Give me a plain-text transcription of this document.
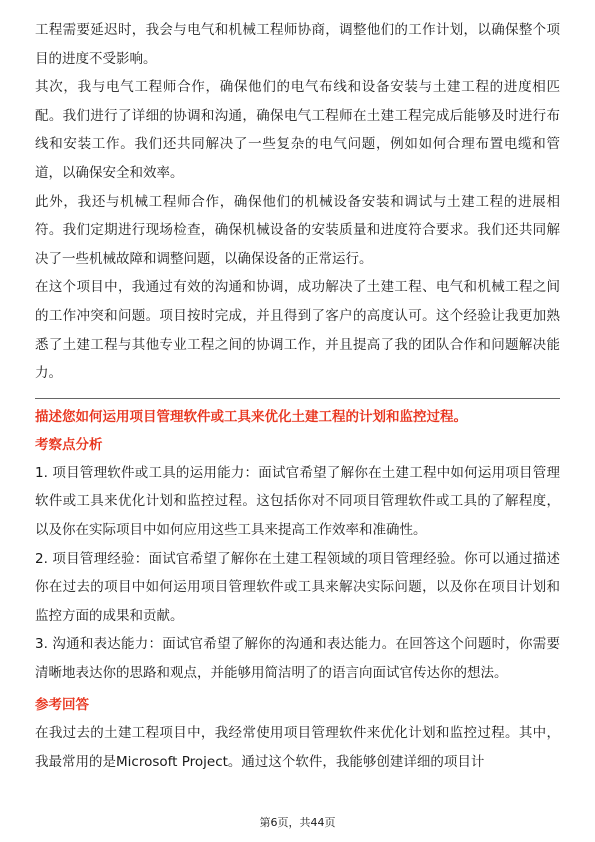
工程需要延迟时，我会与电气和机械工程师协商，调整他们的工作计划，以确保整个项目的进度不受影响。

其次，我与电气工程师合作，确保他们的电气布线和设备安装与土建工程的进度相匹配。我们进行了详细的协调和沟通，确保电气工程师在土建工程完成后能够及时进行布线和安装工作。我们还共同解决了一些复杂的电气问题，例如如何合理布置电缆和管道，以确保安全和效率。

此外，我还与机械工程师合作，确保他们的机械设备安装和调试与土建工程的进展相符。我们定期进行现场检查，确保机械设备的安装质量和进度符合要求。我们还共同解决了一些机械故障和调整问题，以确保设备的正常运行。

在这个项目中，我通过有效的沟通和协调，成功解决了土建工程、电气和机械工程之间的工作冲突和问题。项目按时完成，并且得到了客户的高度认可。这个经验让我更加熟悉了土建工程与其他专业工程之间的协调工作，并且提高了我的团队合作和问题解决能力。

描述您如何运用项目管理软件或工具来优化土建工程的计划和监控过程。

考察点分析

1. 项目管理软件或工具的运用能力：面试官希望了解你在土建工程中如何运用项目管理软件或工具来优化计划和监控过程。这包括你对不同项目管理软件或工具的了解程度，以及你在实际项目中如何应用这些工具来提高工作效率和准确性。

2. 项目管理经验：面试官希望了解你在土建工程领域的项目管理经验。你可以通过描述你在过去的项目中如何运用项目管理软件或工具来解决实际问题，以及你在项目计划和监控方面的成果和贡献。

3. 沟通和表达能力：面试官希望了解你的沟通和表达能力。在回答这个问题时，你需要清晰地表达你的思路和观点，并能够用简洁明了的语言向面试官传达你的想法。

参考回答

在我过去的土建工程项目中，我经常使用项目管理软件来优化计划和监控过程。其中，我最常用的是Microsoft Project。通过这个软件，我能够创建详细的项目计

第6页，共44页
